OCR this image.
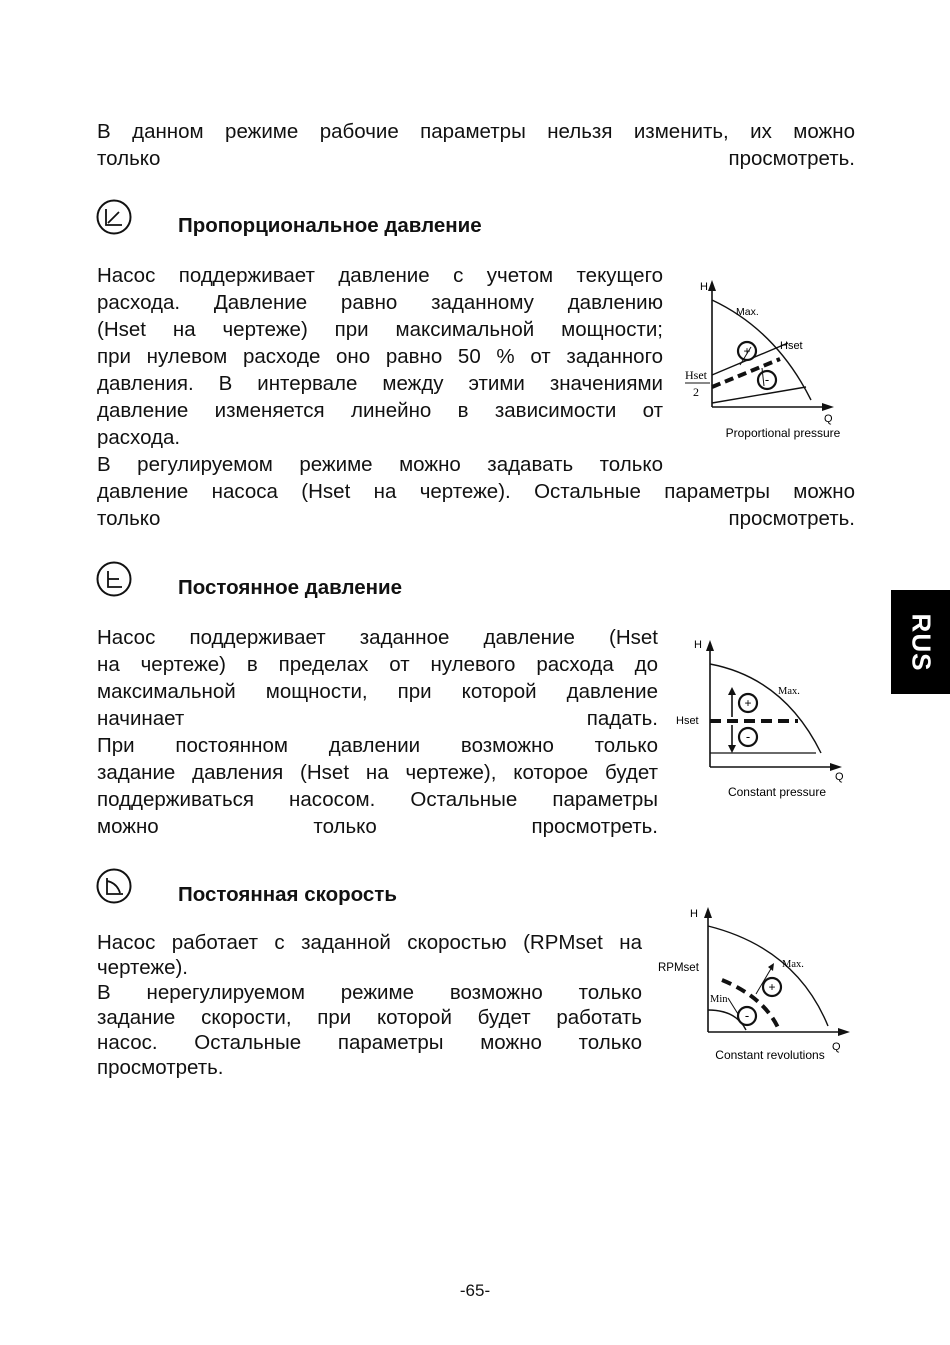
В данном режиме рабочие параметры нельзя изменить, их можно
только просмотреть.
Пропорциональное давление
Насос поддерживает давление с учетом текущего
расхода. Давление равно заданному давлению
(Hset на чертеже) при максимальной мощности;
при нулевом расходе оно равно 50 % от заданного
давления. В интервале между этими значениями
давление изменяется линейно в зависимости от
расхода.
В регулируемом режиме можно задавать только
давление насоса (Hset на чертеже). Остальные параметры можно
только просмотреть.
H
Q
Max.
Hset
Hset
2
+
-
Proportional pressure
Постоянное давление
Насос поддерживает заданное давление (Hset
на чертеже) в пределах от нулевого расхода до
максимальной мощности, при которой давление
начинает падать.
При постоянном давлении возможно только
задание давления (Hset на чертеже), которое будет
поддерживаться насосом. Остальные параметры
можно только просмотреть.
H
Q
Max.
Hset
+
-
Constant pressure
Постоянная скорость
Насос работает с заданной скоростью (RPMset на
чертеже).
В нерегулируемом режиме возможно только
задание скорости, при которой будет работать
насос. Остальные параметры можно только
просмотреть.
H
Q
Max.
Min
RPMset
+
-
Constant revolutions
RUS
-65-
